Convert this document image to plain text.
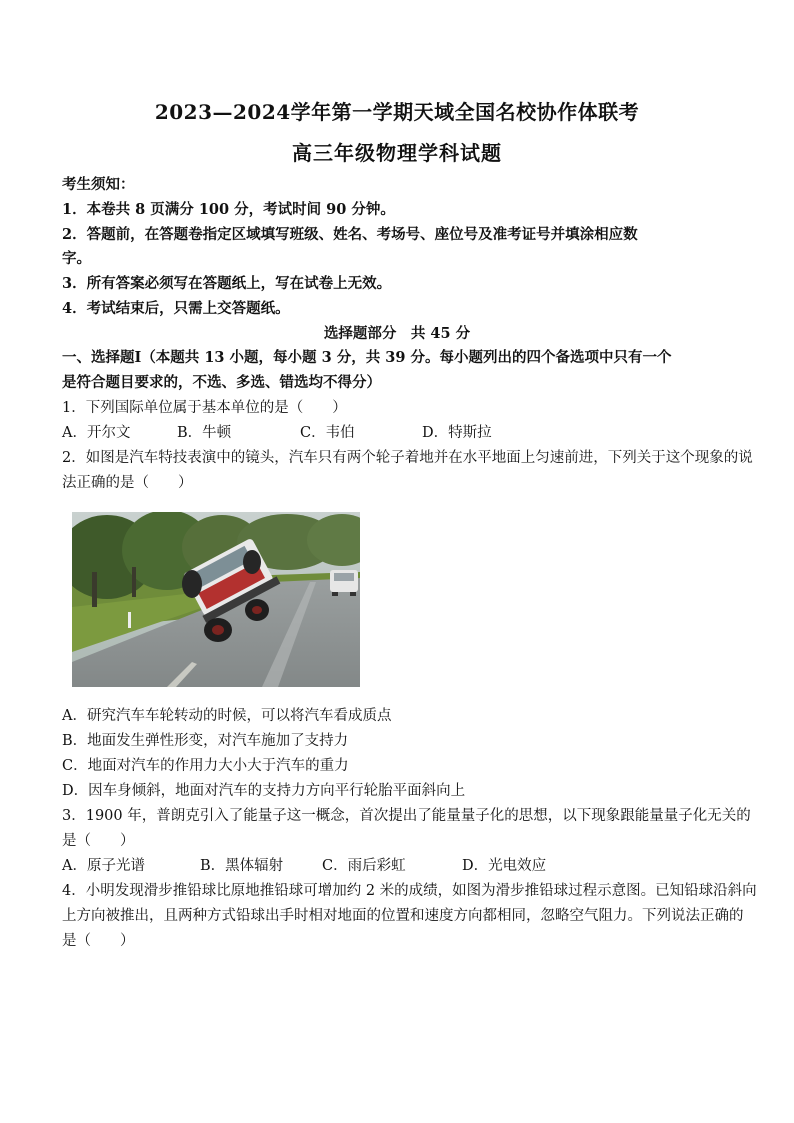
2023—2024学年第一学期天域全国名校协作体联考
高三年级物理学科试题
考生须知：
1．本卷共 8 页满分 100 分，考试时间 90 分钟。
2．答题前，在答题卷指定区域填写班级、姓名、考场号、座位号及准考证号并填涂相应数
字。
3．所有答案必须写在答题纸上，写在试卷上无效。
4．考试结束后，只需上交答题纸。
选择题部分　共 45 分
一、选择题Ⅰ（本题共 13 小题，每小题 3 分，共 39 分。每小题列出的四个备选项中只有一个
是符合题目要求的，不选、多选、错选均不得分）
1．下列国际单位属于基本单位的是（　　）
A．开尔文	B．牛顿	C．韦伯	D．特斯拉
2．如图是汽车特技表演中的镜头，汽车只有两个轮子着地并在水平地面上匀速前进，下列关于这个现象的说
法正确的是（　　）
A．研究汽车车轮转动的时候，可以将汽车看成质点
B．地面发生弹性形变，对汽车施加了支持力
C．地面对汽车的作用力大小大于汽车的重力
D．因车身倾斜，地面对汽车的支持力方向平行轮胎平面斜向上
3．1900 年，普朗克引入了能量子这一概念，首次提出了能量量子化的思想，以下现象跟能量量子化无关的
是（　　）
A．原子光谱	B．黑体辐射	C．雨后彩虹	D．光电效应
4．小明发现滑步推铅球比原地推铅球可增加约 2 米的成绩，如图为滑步推铅球过程示意图。已知铅球沿斜向
上方向被推出，且两种方式铅球出手时相对地面的位置和速度方向都相同，忽略空气阻力。下列说法正确的
是（　　）
